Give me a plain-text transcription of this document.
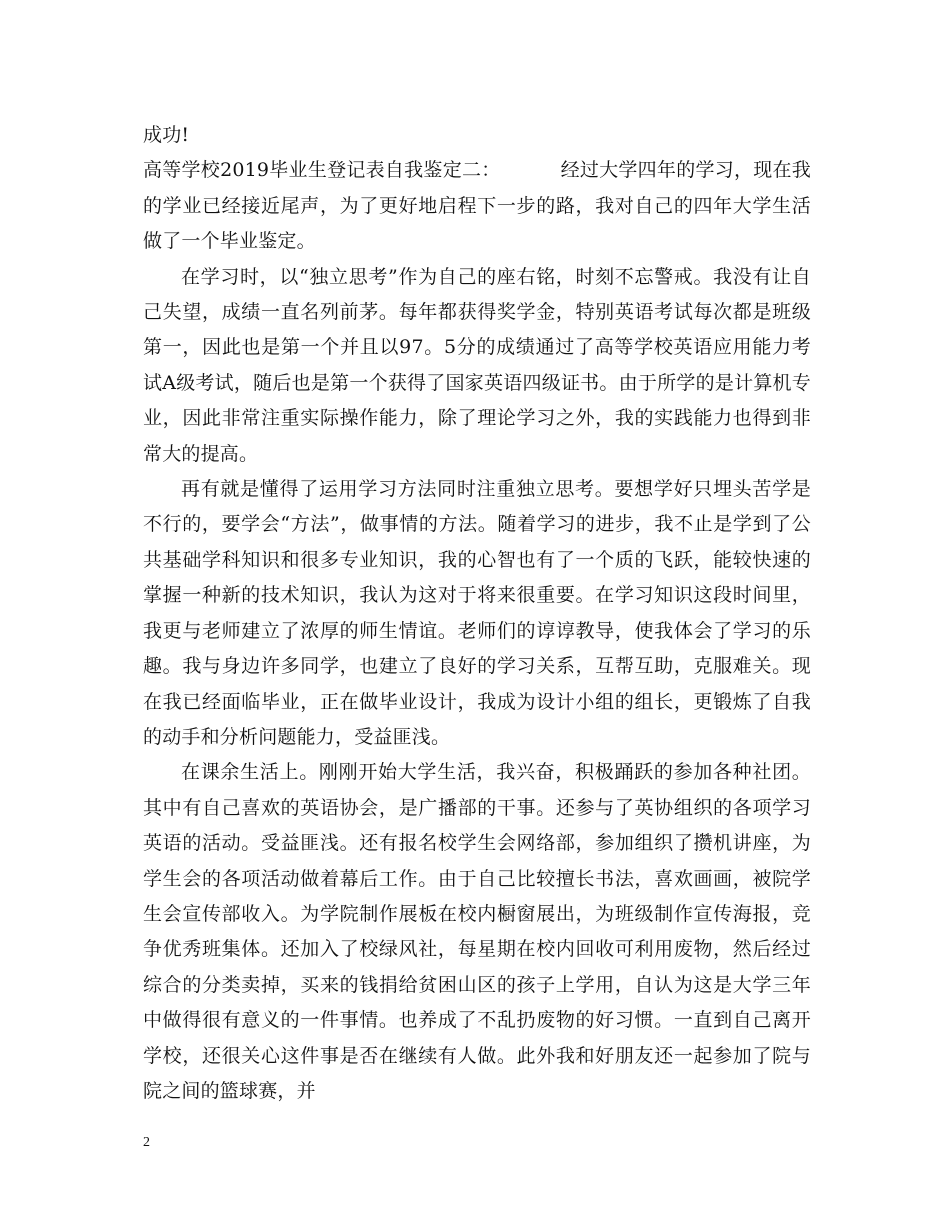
成功!

高等学校2019毕业生登记表自我鉴定二：	经过大学四年的学习，现在我的学业已经接近尾声，为了更好地启程下一步的路，我对自己的四年大学生活做了一个毕业鉴定。

在学习时，以“独立思考”作为自己的座右铭，时刻不忘警戒。我没有让自己失望，成绩一直名列前茅。每年都获得奖学金，特别英语考试每次都是班级第一，因此也是第一个并且以97。5分的成绩通过了高等学校英语应用能力考试A级考试，随后也是第一个获得了国家英语四级证书。由于所学的是计算机专业，因此非常注重实际操作能力，除了理论学习之外，我的实践能力也得到非常大的提高。

再有就是懂得了运用学习方法同时注重独立思考。要想学好只埋头苦学是不行的，要学会“方法”，做事情的方法。随着学习的进步，我不止是学到了公共基础学科知识和很多专业知识，我的心智也有了一个质的飞跃，能较快速的掌握一种新的技术知识，我认为这对于将来很重要。在学习知识这段时间里，我更与老师建立了浓厚的师生情谊。老师们的谆谆教导，使我体会了学习的乐趣。我与身边许多同学，也建立了良好的学习关系，互帮互助，克服难关。现在我已经面临毕业，正在做毕业设计，我成为设计小组的组长，更锻炼了自我的动手和分析问题能力，受益匪浅。

在课余生活上。刚刚开始大学生活，我兴奋，积极踊跃的参加各种社团。其中有自己喜欢的英语协会，是广播部的干事。还参与了英协组织的各项学习英语的活动。受益匪浅。还有报名校学生会网络部，参加组织了攒机讲座，为学生会的各项活动做着幕后工作。由于自己比较擅长书法，喜欢画画，被院学生会宣传部收入。为学院制作展板在校内橱窗展出，为班级制作宣传海报，竞争优秀班集体。还加入了校绿风社，每星期在校内回收可利用废物，然后经过综合的分类卖掉，买来的钱捐给贫困山区的孩子上学用，自认为这是大学三年中做得很有意义的一件事情。也养成了不乱扔废物的好习惯。一直到自己离开学校，还很关心这件事是否在继续有人做。此外我和好朋友还一起参加了院与院之间的篮球赛，并

2
